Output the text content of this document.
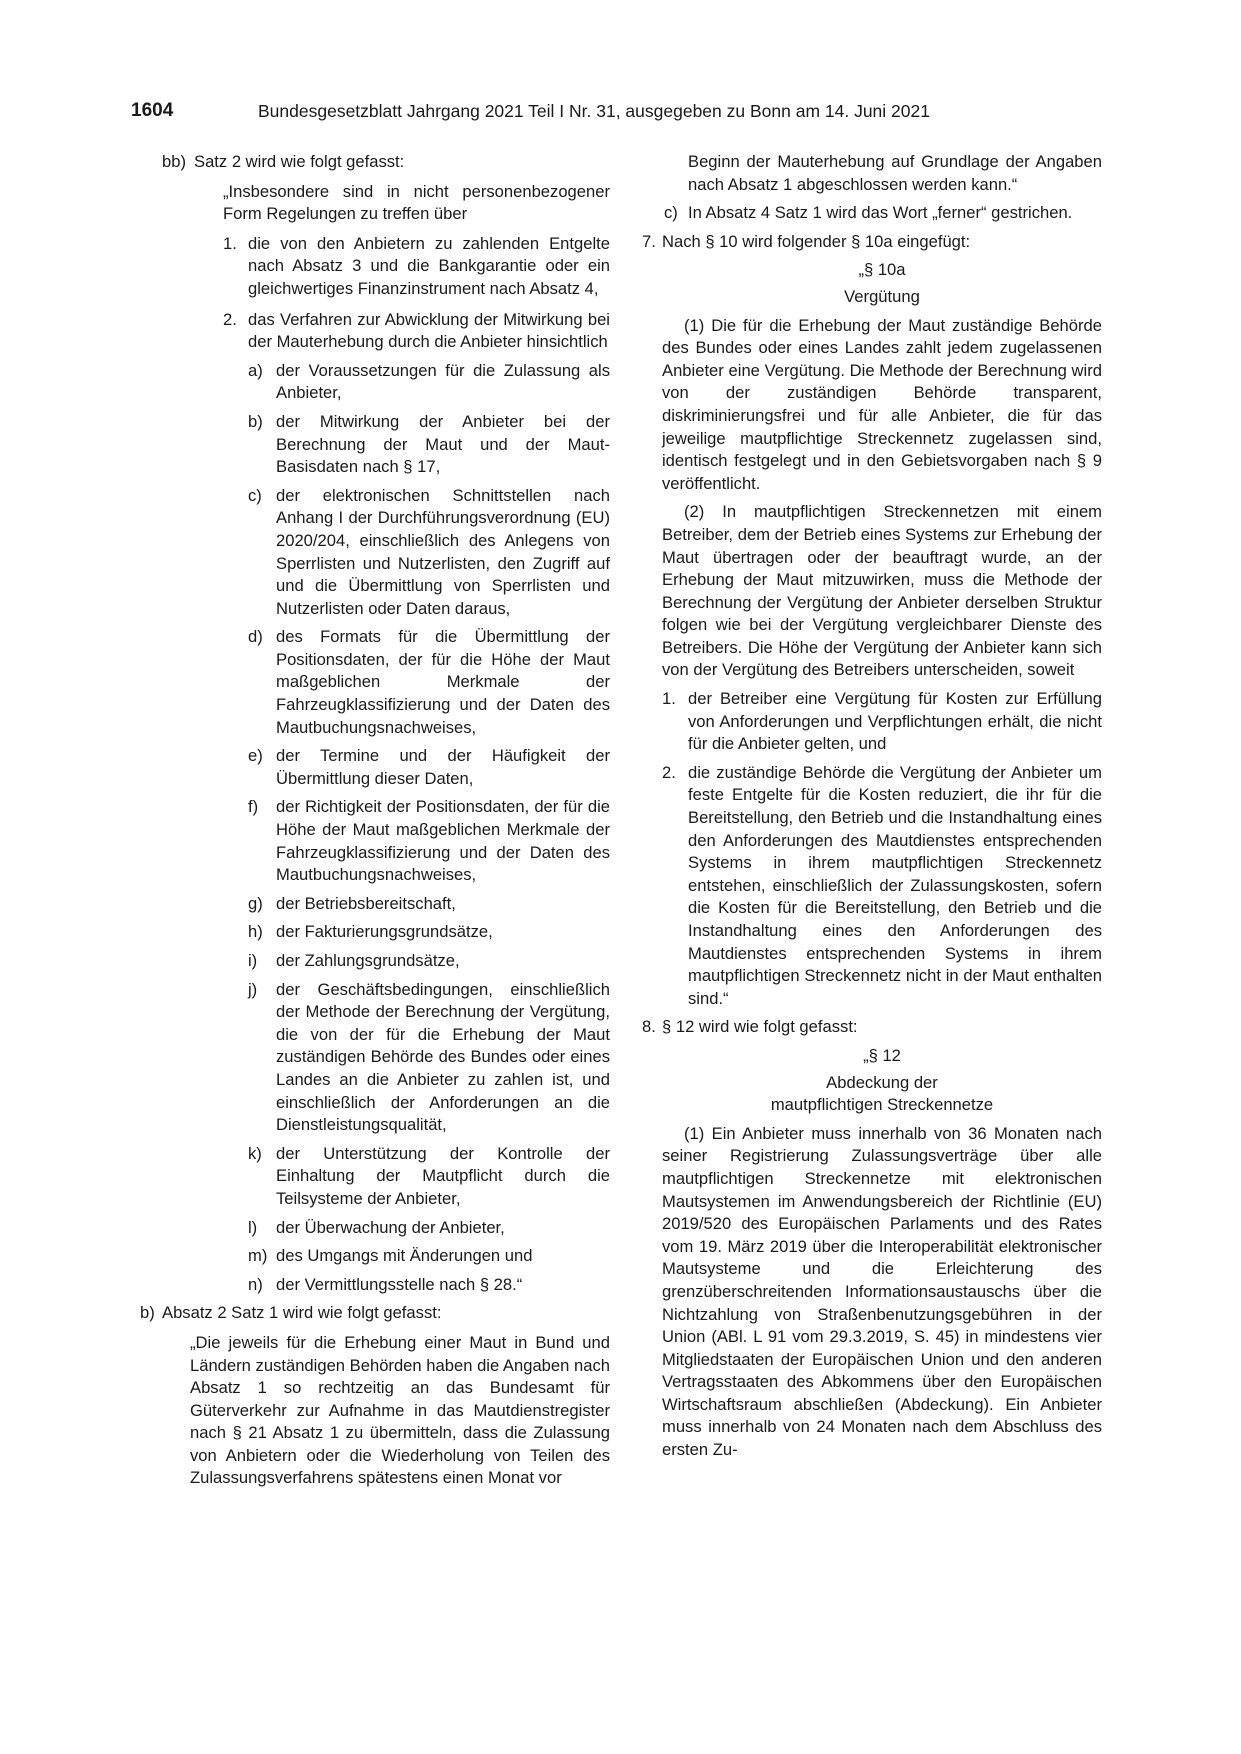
1604	Bundesgesetzblatt Jahrgang 2021 Teil I Nr. 31, ausgegeben zu Bonn am 14. Juni 2021
bb) Satz 2 wird wie folgt gefasst:

„Insbesondere sind in nicht personenbezogener Form Regelungen zu treffen über

1. die von den Anbietern zu zahlenden Entgelte nach Absatz 3 und die Bankgarantie oder ein gleichwertiges Finanzinstrument nach Absatz 4,
2. das Verfahren zur Abwicklung der Mitwirkung bei der Mauterhebung durch die Anbieter hinsichtlich
a) der Voraussetzungen für die Zulassung als Anbieter,
b) der Mitwirkung der Anbieter bei der Berechnung der Maut und der Maut-Basisdaten nach § 17,
c) der elektronischen Schnittstellen nach Anhang I der Durchführungsverordnung (EU) 2020/204, einschließlich des Anlegens von Sperrlisten und Nutzerlisten, den Zugriff auf und die Übermittlung von Sperrlisten und Nutzerlisten oder Daten daraus,
d) des Formats für die Übermittlung der Positionsdaten, der für die Höhe der Maut maßgeblichen Merkmale der Fahrzeugklassifizierung und der Daten des Mautbuchungsnachweises,
e) der Termine und der Häufigkeit der Übermittlung dieser Daten,
f)	der Richtigkeit der Positionsdaten, der für die Höhe der Maut maßgeblichen Merkmale der Fahrzeugklassifizierung und der Daten des Mautbuchungsnachweises,
g) der Betriebsbereitschaft,
h) der Fakturierungsgrundsätze,
i)	der Zahlungsgrundsätze,
j)	der Geschäftsbedingungen, einschließlich der Methode der Berechnung der Vergütung, die von der für die Erhebung der Maut zuständigen Behörde des Bundes oder eines Landes an die Anbieter zu zahlen ist, und einschließlich der Anforderungen an die Dienstleistungsqualität,
k) der Unterstützung der Kontrolle der Einhaltung der Mautpflicht durch die Teilsysteme der Anbieter,
l)	der Überwachung der Anbieter,
m) des Umgangs mit Änderungen und
n) der Vermittlungsstelle nach § 28.“
b) Absatz 2 Satz 1 wird wie folgt gefasst:

„Die jeweils für die Erhebung einer Maut in Bund und Ländern zuständigen Behörden haben die Angaben nach Absatz 1 so rechtzeitig an das Bundesamt für Güterverkehr zur Aufnahme in das Mautdienstregister nach § 21 Absatz 1 zu übermitteln, dass die Zulassung von Anbietern oder die Wiederholung von Teilen des Zulassungsverfahrens spätestens einen Monat vor

Beginn der Mauterhebung auf Grundlage der Angaben nach Absatz 1 abgeschlossen werden kann.“

c) In Absatz 4 Satz 1 wird das Wort „ferner“ gestrichen.
7. Nach § 10 wird folgender § 10a eingefügt:

„§ 10a

Vergütung

(1) Die für die Erhebung der Maut zuständige Behörde des Bundes oder eines Landes zahlt jedem zugelassenen Anbieter eine Vergütung. Die Methode der Berechnung wird von der zuständigen Behörde transparent, diskriminierungsfrei und für alle Anbieter, die für das jeweilige mautpflichtige Streckennetz zugelassen sind, identisch festgelegt und in den Gebietsvorgaben nach § 9 veröffentlicht.

(2) In mautpflichtigen Streckennetzen mit einem Betreiber, dem der Betrieb eines Systems zur Erhebung der Maut übertragen oder der beauftragt wurde, an der Erhebung der Maut mitzuwirken, muss die Methode der Berechnung der Vergütung der Anbieter derselben Struktur folgen wie bei der Vergütung vergleichbarer Dienste des Betreibers. Die Höhe der Vergütung der Anbieter kann sich von der Vergütung des Betreibers unterscheiden, soweit

1. der Betreiber eine Vergütung für Kosten zur Erfüllung von Anforderungen und Verpflichtungen erhält, die nicht für die Anbieter gelten, und
2. die zuständige Behörde die Vergütung der Anbieter um feste Entgelte für die Kosten reduziert, die ihr für die Bereitstellung, den Betrieb und die Instandhaltung eines den Anforderungen des Mautdienstes entsprechenden Systems in ihrem mautpflichtigen Streckennetz entstehen, einschließlich der Zulassungskosten, sofern die Kosten für die Bereitstellung, den Betrieb und die Instandhaltung eines den Anforderungen des Mautdienstes entsprechenden Systems in ihrem mautpflichtigen Streckennetz nicht in der Maut enthalten sind.“
8. § 12 wird wie folgt gefasst:

„§ 12

Abdeckung der

mautpflichtigen Streckennetze

(1) Ein Anbieter muss innerhalb von 36 Monaten nach seiner Registrierung Zulassungsverträge über alle mautpflichtigen Streckennetze mit elektronischen Mautsystemen im Anwendungsbereich der Richtlinie (EU) 2019/520 des Europäischen Parlaments und des Rates vom 19. März 2019 über die Interoperabilität elektronischer Mautsysteme und die Erleichterung des grenzüberschreitenden Informationsaustauschs über die Nichtzahlung von Straßenbenutzungsgebühren in der Union (ABl. L 91 vom 29.3.2019, S. 45) in mindestens vier Mitgliedstaaten der Europäischen Union und den anderen Vertragsstaaten des Abkommens über den Europäischen Wirtschaftsraum abschließen (Abdeckung). Ein Anbieter muss innerhalb von 24 Monaten nach dem Abschluss des ersten Zu-
